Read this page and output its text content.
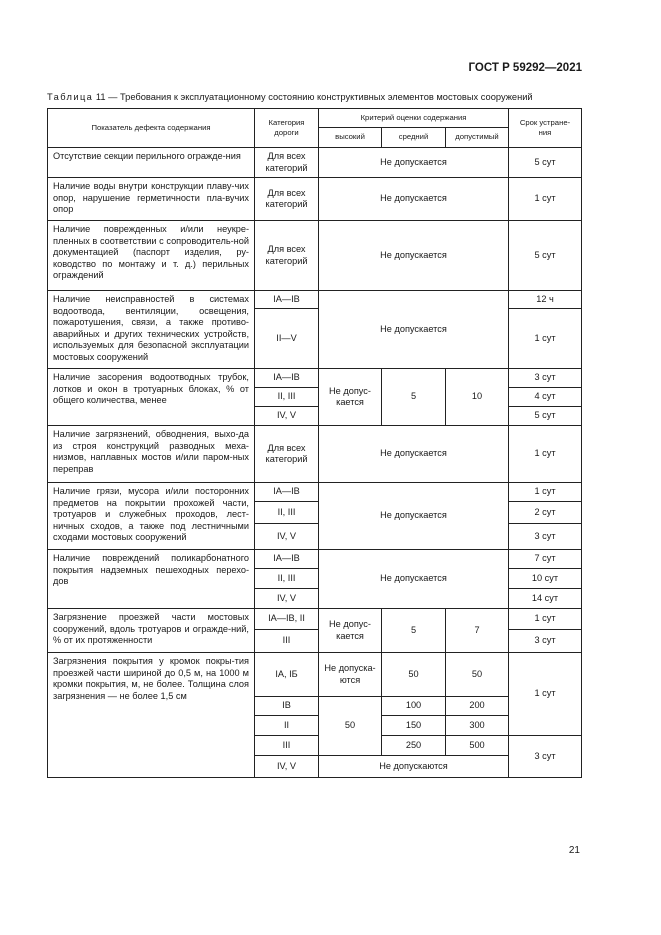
ГОСТ Р 59292—2021
Таблица 11 — Требования к эксплуатационному состоянию конструктивных элементов мостовых сооружений
Показатель дефекта содержания	Категория дороги	Критерий оценки содержания			Срок устране-ния
		высокий	средний	допустимый	
Отсутствие секции перильного огражде-ния	Для всех категорий	Не допускается			5 сут
Наличие воды внутри конструкции плаву-чих опор, нарушение герметичности пла-вучих опор	Для всех категорий	Не допускается			1 сут
Наличие поврежденных и/или неукре-пленных в соответствии с сопроводитель-ной документацией (паспорт изделия, ру-ководство по монтажу и т. д.) перильных ограждений	Для всех категорий	Не допускается			5 сут
Наличие неисправностей в системах водоотвода, вентиляции, освещения, пожаротушения, связи, а также противо-аварийных и других технических устройств, используемых для безопасной эксплуатации мостовых сооружений	IA—IB	Не допускается			12 ч
	II—V				1 сут
Наличие засорения водоотводных трубок, лотков и окон в тротуарных блоках, % от общего количества, менее	IA—IB	Не допус-кается	5	10	3 сут
	II, III				4 сут
	IV, V				5 сут
Наличие загрязнений, обводнения, выхо-да из строя конструкций разводных меха-низмов, наплавных мостов и/или паром-ных переправ	Для всех категорий	Не допускается			1 сут
Наличие грязи, мусора и/или посторонних предметов на покрытии прохожей части, тротуаров и служебных проходов, лест-ничных сходов, а также под лестничными сходами мостовых сооружений	IA—IB	Не допускается			1 сут
	II, III				2 сут
	IV, V				3 сут
Наличие повреждений поликарбонатного покрытия надземных пешеходных перехо-дов	IA—IB	Не допускается			7 сут
	II, III				10 сут
	IV, V				14 сут
Загрязнение проезжей части мостовых сооружений, вдоль тротуаров и огражде-ний, % от их протяженности	IA—IB, II	Не допус-кается	5	7	1 сут
	III				3 сут
Загрязнения покрытия у кромок покры-тия проезжей части шириной до 0,5 м, на 1000 м кромки покрытия, м, не более. Толщина слоя загрязнения — не более 1,5 см	IA, IБ	Не допуска-ются	50	50	1 сут
	IB	50	100	200	
	II		150	300	
	III		250	500	3 сут
	IV, V	Не допускаются			
21
